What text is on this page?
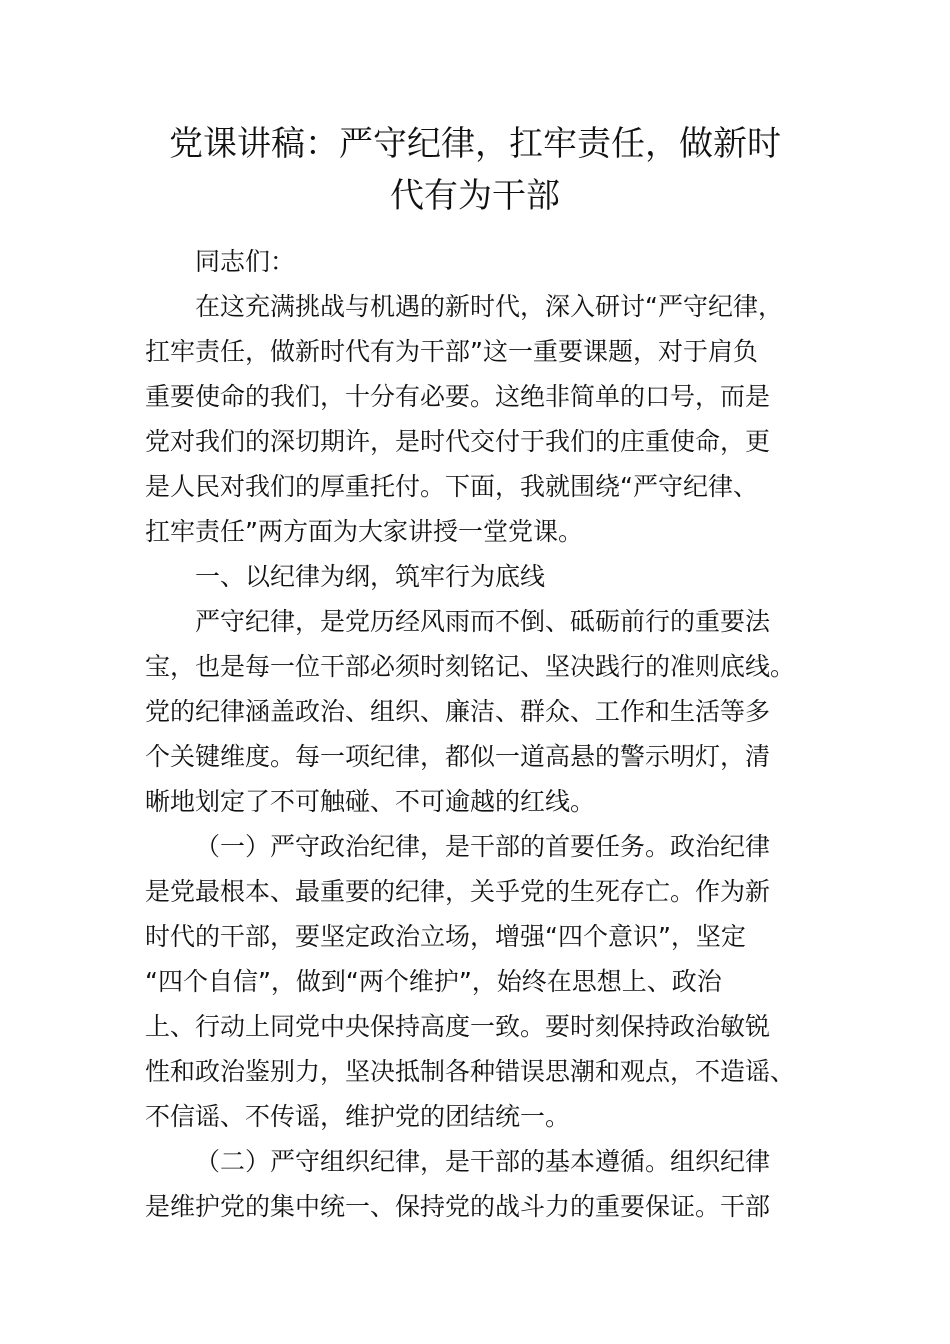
党课讲稿：严守纪律，扛牢责任，做新时
代有为干部
同志们：
在这充满挑战与机遇的新时代，深入研讨“严守纪律，
扛牢责任，做新时代有为干部”这一重要课题，对于肩负
重要使命的我们，十分有必要。这绝非简单的口号，而是
党对我们的深切期许，是时代交付于我们的庄重使命，更
是人民对我们的厚重托付。下面，我就围绕“严守纪律、
扛牢责任”两方面为大家讲授一堂党课。
一、以纪律为纲，筑牢行为底线
严守纪律，是党历经风雨而不倒、砥砺前行的重要法
宝，也是每一位干部必须时刻铭记、坚决践行的准则底线。
党的纪律涵盖政治、组织、廉洁、群众、工作和生活等多
个关键维度。每一项纪律，都似一道高悬的警示明灯，清
晰地划定了不可触碰、不可逾越的红线。
（一）严守政治纪律，是干部的首要任务。政治纪律
是党最根本、最重要的纪律，关乎党的生死存亡。作为新
时代的干部，要坚定政治立场，增强“四个意识”，坚定
“四个自信”，做到“两个维护”，始终在思想上、政治
上、行动上同党中央保持高度一致。要时刻保持政治敏锐
性和政治鉴别力，坚决抵制各种错误思潮和观点，不造谣、
不信谣、不传谣，维护党的团结统一。
（二）严守组织纪律，是干部的基本遵循。组织纪律
是维护党的集中统一、保持党的战斗力的重要保证。干部
